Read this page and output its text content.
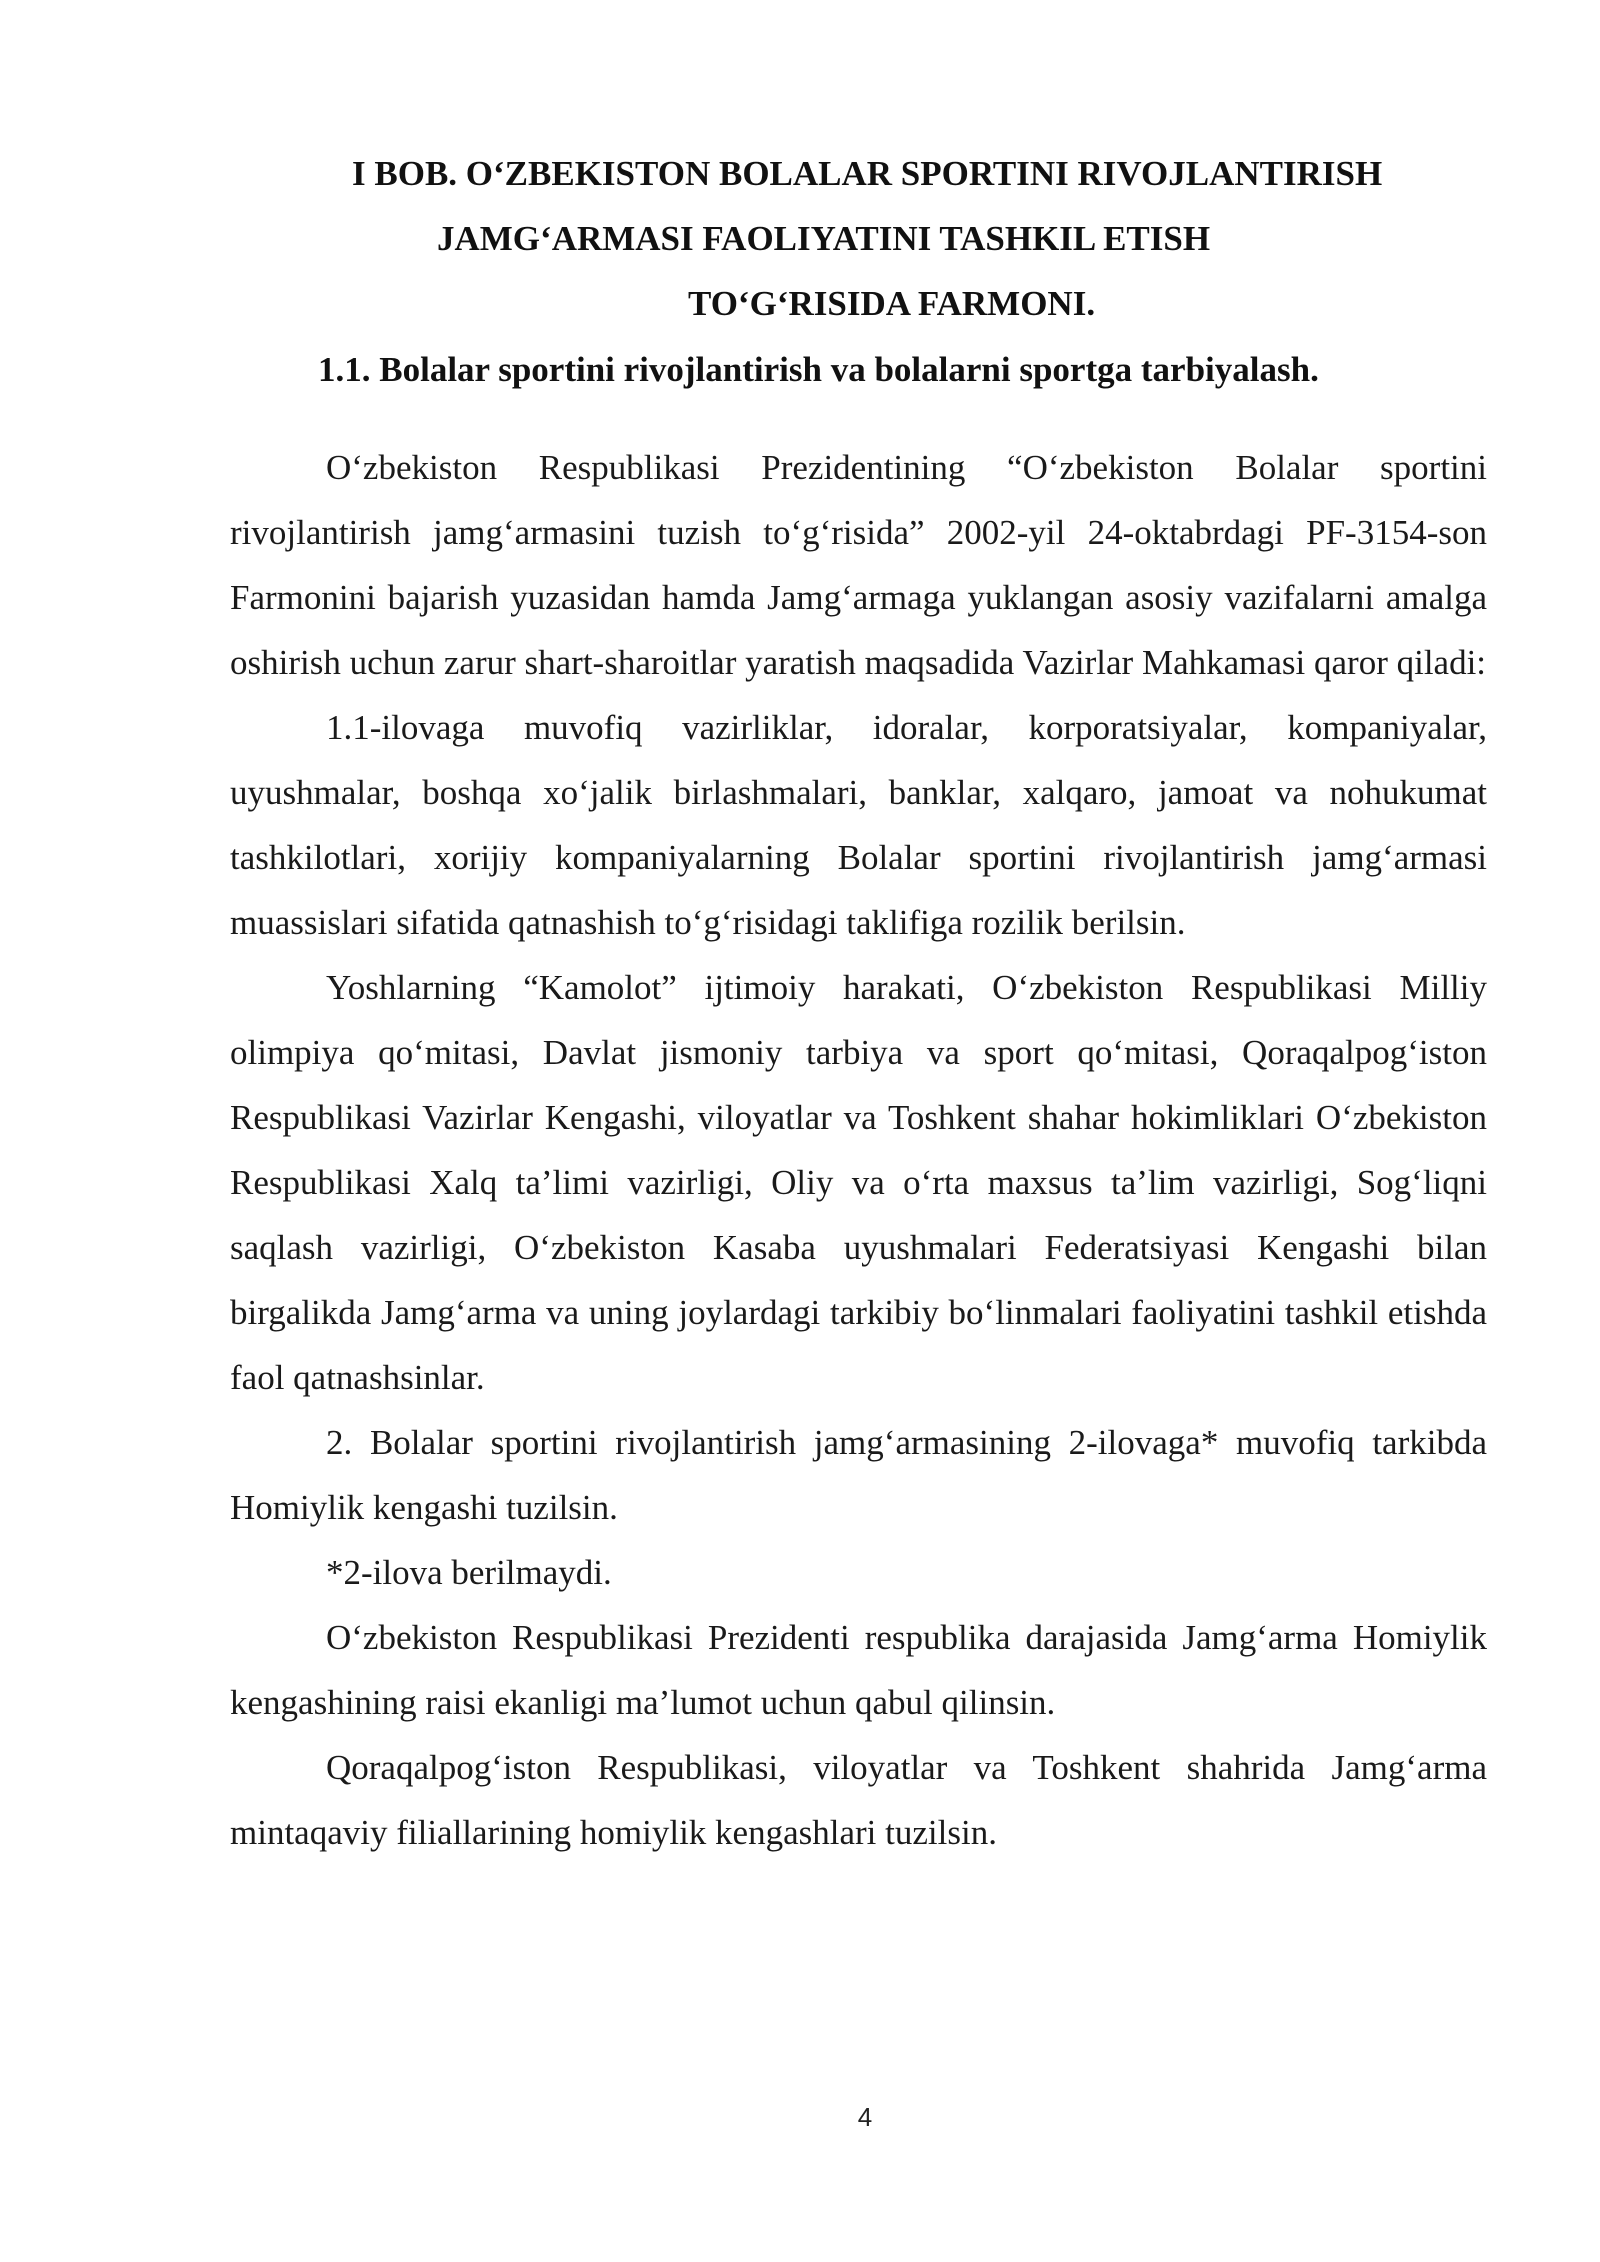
I BOB. O‘ZBEKISTON BOLALAR SPORTINI RIVOJLANTIRISH
JAMG‘ARMASI FAOLIYATINI TASHKIL ETISH
TO‘G‘RISIDA FARMONI.
1.1. Bolalar sportini rivojlantirish va bolalarni sportga tarbiyalash.

O‘zbekiston Respublikasi Prezidentining “O‘zbekiston Bolalar sportini rivojlantirish jamg‘armasini tuzish to‘g‘risida” 2002-yil 24-oktabrdagi PF-3154-son Farmonini bajarish yuzasidan hamda Jamg‘armaga yuklangan asosiy vazifalarni amalga oshirish uchun zarur shart-sharoitlar yaratish maqsadida Vazirlar Mahkamasi qaror qiladi:

1.1-ilovaga muvofiq vazirliklar, idoralar, korporatsiyalar, kompaniyalar, uyushmalar, boshqa xo‘jalik birlashmalari, banklar, xalqaro, jamoat va nohukumat tashkilotlari, xorijiy kompaniyalarning Bolalar sportini rivojlantirish jamg‘armasi muassislari sifatida qatnashish to‘g‘risidagi taklifiga rozilik berilsin.

Yoshlarning “Kamolot” ijtimoiy harakati, O‘zbekiston Respublikasi Milliy olimpiya qo‘mitasi, Davlat jismoniy tarbiya va sport qo‘mitasi, Qoraqalpog‘iston Respublikasi Vazirlar Kengashi, viloyatlar va Toshkent shahar hokimliklari O‘zbekiston Respublikasi Xalq ta’limi vazirligi, Oliy va o‘rta maxsus ta’lim vazirligi, Sog‘liqni saqlash vazirligi, O‘zbekiston Kasaba uyushmalari Federatsiyasi Kengashi bilan birgalikda Jamg‘arma va uning joylardagi tarkibiy bo‘linmalari faoliyatini tashkil etishda faol qatnashsinlar.

2. Bolalar sportini rivojlantirish jamg‘armasining 2-ilovaga* muvofiq tarkibda Homiylik kengashi tuzilsin.

*2-ilova berilmaydi.

O‘zbekiston Respublikasi Prezidenti respublika darajasida Jamg‘arma Homiylik kengashining raisi ekanligi ma’lumot uchun qabul qilinsin.

Qoraqalpog‘iston Respublikasi, viloyatlar va Toshkent shahrida Jamg‘arma mintaqaviy filiallarining homiylik kengashlari tuzilsin.

4
